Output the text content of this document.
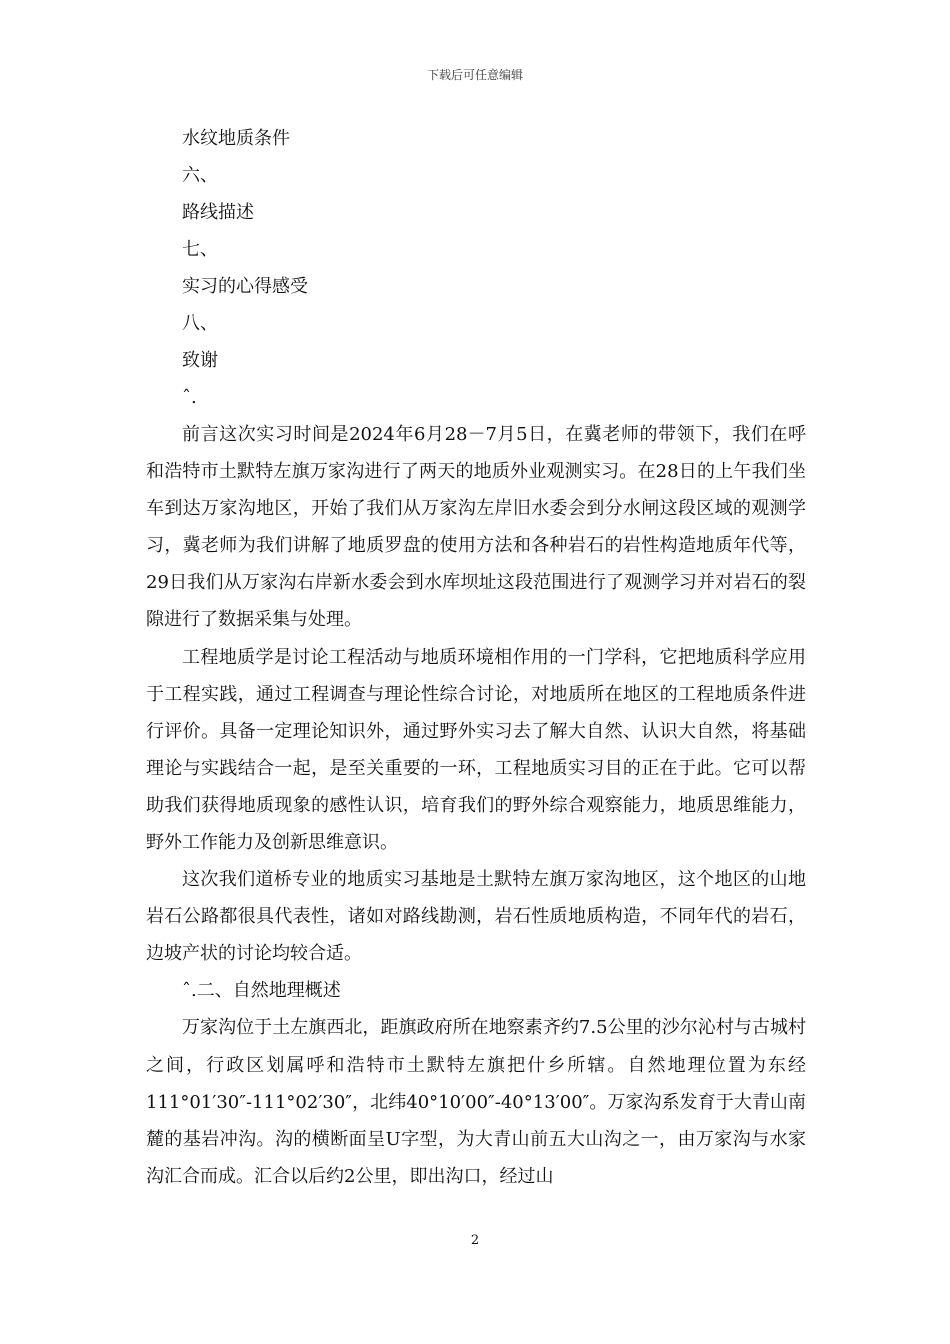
下载后可任意编辑

水纹地质条件

六、

路线描述

七、

实习的心得感受

八、

致谢

ˆ.

前言这次实习时间是2024年6月28－7月5日，在冀老师的带领下，我们在呼和浩特市土默特左旗万家沟进行了两天的地质外业观测实习。在28日的上午我们坐车到达万家沟地区，开始了我们从万家沟左岸旧水委会到分水闸这段区域的观测学习，冀老师为我们讲解了地质罗盘的使用方法和各种岩石的岩性构造地质年代等，29日我们从万家沟右岸新水委会到水库坝址这段范围进行了观测学习并对岩石的裂隙进行了数据采集与处理。

工程地质学是讨论工程活动与地质环境相作用的一门学科，它把地质科学应用于工程实践，通过工程调查与理论性综合讨论，对地质所在地区的工程地质条件进行评价。具备一定理论知识外，通过野外实习去了解大自然、认识大自然，将基础理论与实践结合一起，是至关重要的一环，工程地质实习目的正在于此。它可以帮助我们获得地质现象的感性认识，培育我们的野外综合观察能力，地质思维能力，野外工作能力及创新思维意识。

这次我们道桥专业的地质实习基地是土默特左旗万家沟地区，这个地区的山地岩石公路都很具代表性，诸如对路线勘测，岩石性质地质构造，不同年代的岩石，边坡产状的讨论均较合适。

ˆ.二、自然地理概述

万家沟位于土左旗西北，距旗政府所在地察素齐约7.5公里的沙尔沁村与古城村之间，行政区划属呼和浩特市土默特左旗把什乡所辖。自然地理位置为东经111°01′30″-111°02′30″，北纬40°10′00″-40°13′00″。万家沟系发育于大青山南麓的基岩冲沟。沟的横断面呈U字型，为大青山前五大山沟之一，由万家沟与水家沟汇合而成。汇合以后约2公里，即出沟口，经过山

2
